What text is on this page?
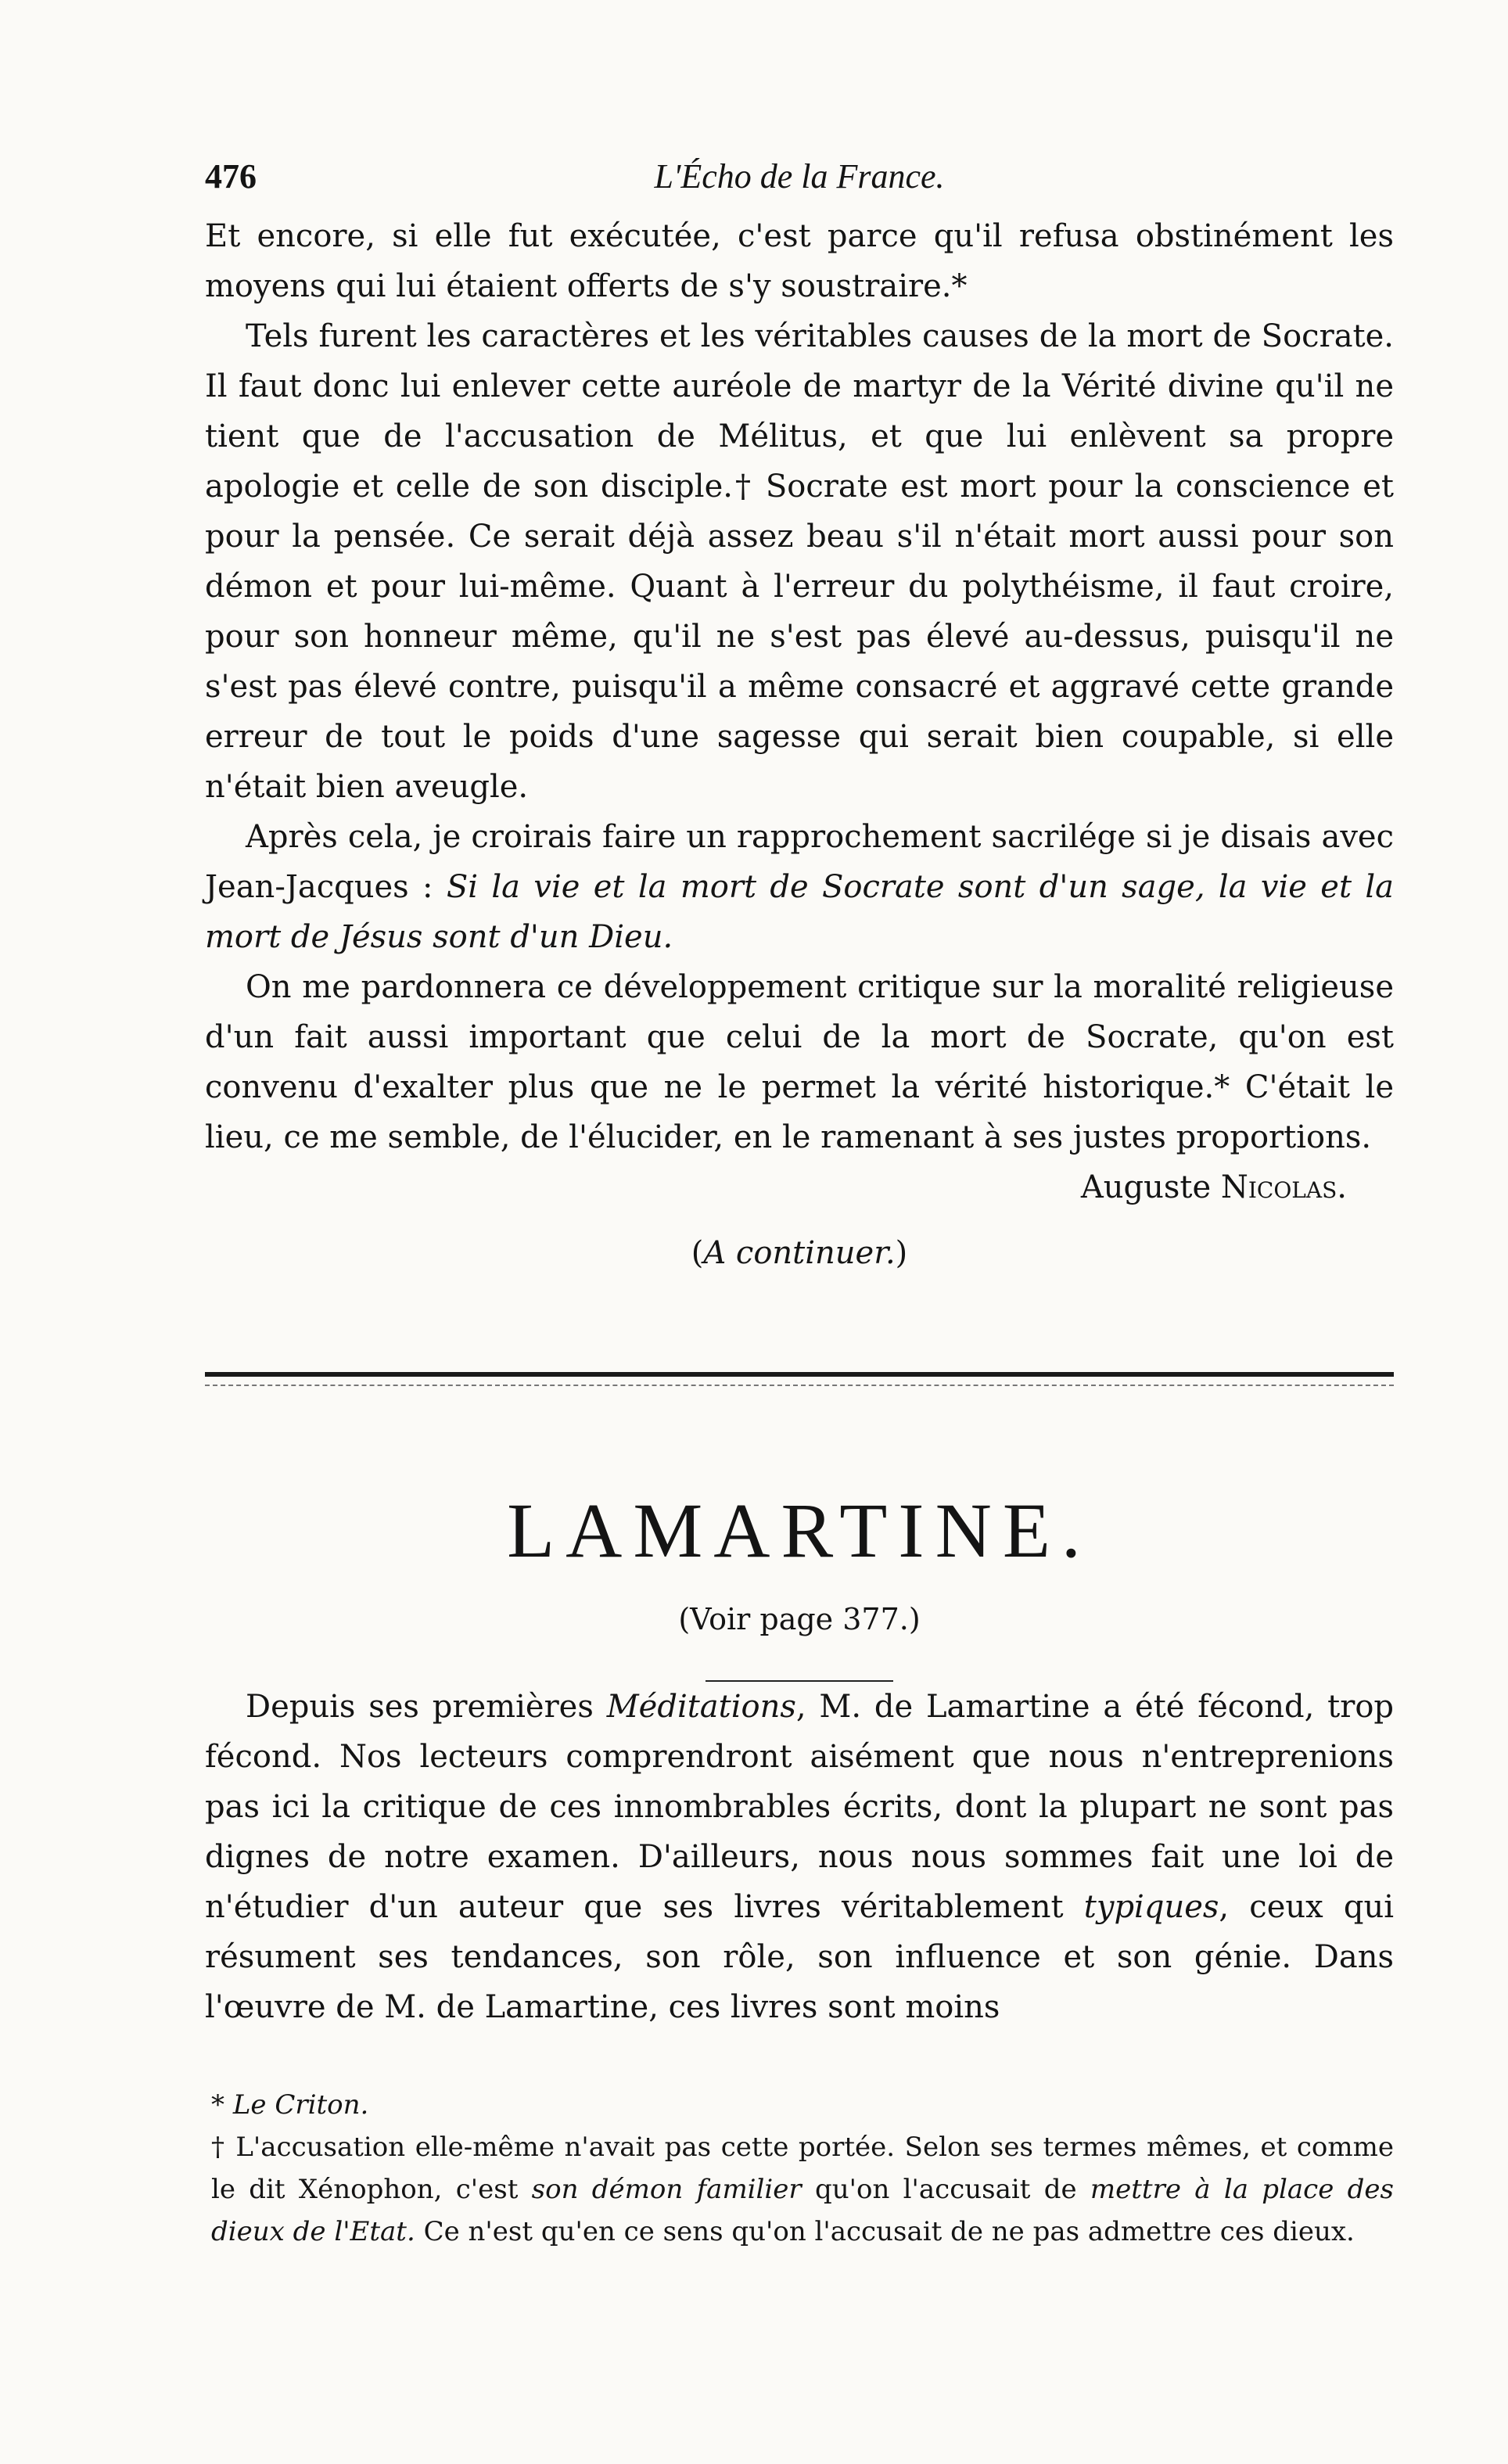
476	L'Écho de la France.

Et encore, si elle fut exécutée, c'est parce qu'il refusa obstinément les moyens qui lui étaient offerts de s'y soustraire.*

Tels furent les caractères et les véritables causes de la mort de Socrate. Il faut donc lui enlever cette auréole de martyr de la Vérité divine qu'il ne tient que de l'accusation de Mélitus, et que lui enlèvent sa propre apologie et celle de son disciple.† Socrate est mort pour la conscience et pour la pensée. Ce serait déjà assez beau s'il n'était mort aussi pour son démon et pour lui-même. Quant à l'erreur du polythéisme, il faut croire, pour son honneur même, qu'il ne s'est pas élevé au-dessus, puisqu'il ne s'est pas élevé contre, puisqu'il a même consacré et aggravé cette grande erreur de tout le poids d'une sagesse qui serait bien coupable, si elle n'était bien aveugle.

Après cela, je croirais faire un rapprochement sacrilége si je disais avec Jean-Jacques : Si la vie et la mort de Socrate sont d'un sage, la vie et la mort de Jésus sont d'un Dieu.

On me pardonnera ce développement critique sur la moralité religieuse d'un fait aussi important que celui de la mort de Socrate, qu'on est convenu d'exalter plus que ne le permet la vérité historique.* C'était le lieu, ce me semble, de l'élucider, en le ramenant à ses justes proportions.

Auguste Nicolas.
(A continuer.)
LAMARTINE.
(Voir page 377.)

Depuis ses premières Méditations, M. de Lamartine a été fécond, trop fécond. Nos lecteurs comprendront aisément que nous n'entreprenions pas ici la critique de ces innombrables écrits, dont la plupart ne sont pas dignes de notre examen. D'ailleurs, nous nous sommes fait une loi de n'étudier d'un auteur que ses livres véritablement typiques, ceux qui résument ses tendances, son rôle, son influence et son génie. Dans l'œuvre de M. de Lamartine, ces livres sont moins

* Le Criton.

† L'accusation elle-même n'avait pas cette portée. Selon ses termes mêmes, et comme le dit Xénophon, c'est son démon familier qu'on l'accusait de mettre à la place des dieux de l'Etat. Ce n'est qu'en ce sens qu'on l'accusait de ne pas admettre ces dieux.
